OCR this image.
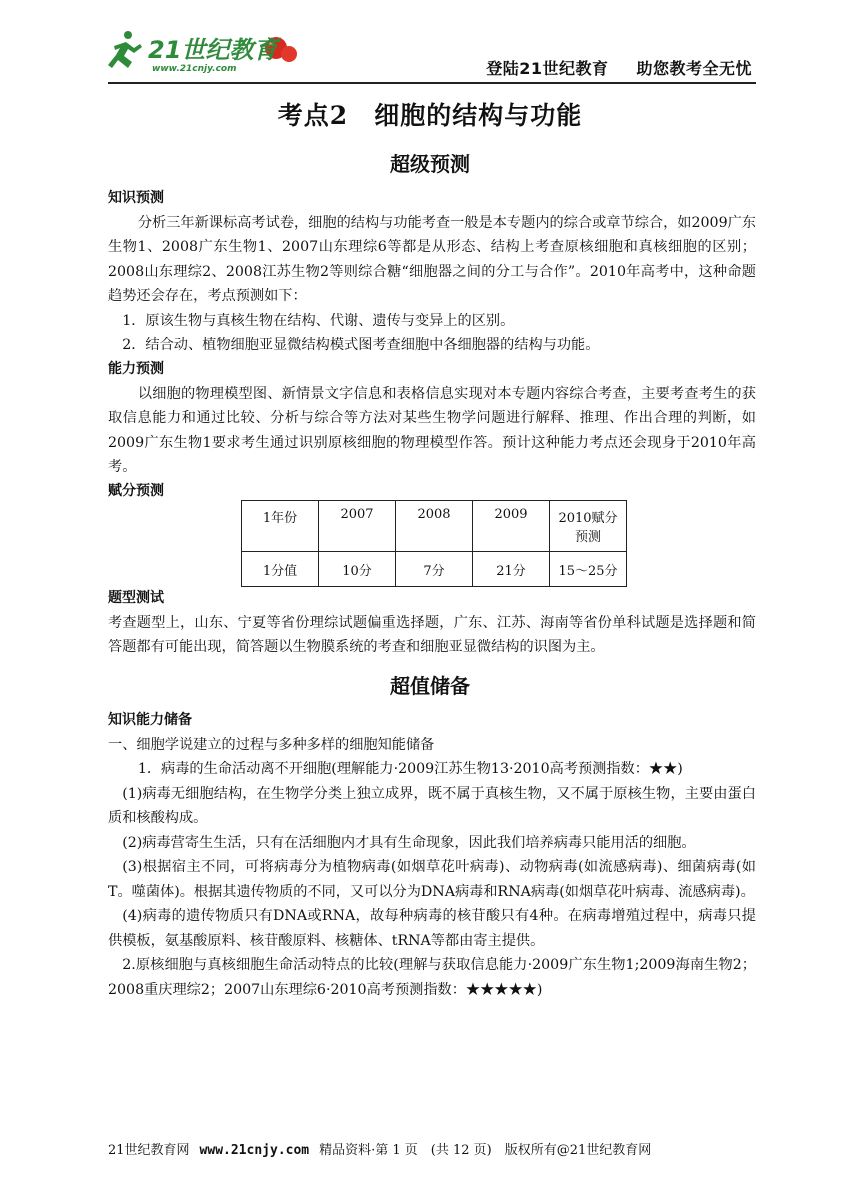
21世纪教育
www.21cnjy.com	登陆21世纪教育 助您教考全无忧
考点2　细胞的结构与功能
超级预测
知识预测

分析三年新课标高考试卷，细胞的结构与功能考查一般是本专题内的综合或章节综合，如2009广东生物1、2008广东生物1、2007山东理综6等都是从形态、结构上考查原核细胞和真核细胞的区别；2008山东理综2、2008江苏生物2等则综合糖“细胞器之间的分工与合作”。2010年高考中，这种命题趋势还会存在，考点预测如下：

1．原该生物与真核生物在结构、代谢、遗传与变异上的区别。

2．结合动、植物细胞亚显微结构模式图考查细胞中各细胞器的结构与功能。

能力预测

以细胞的物理模型图、新情景文字信息和表格信息实现对本专题内容综合考查，主要考查考生的获取信息能力和通过比较、分析与综合等方法对某些生物学问题进行解释、推理、作出合理的判断，如2009广东生物1要求考生通过识别原核细胞的物理模型作答。预计这种能力考点还会现身于2010年高考。

赋分预测
1年份	2007	2008	2009	2010赋分预测
1分值	10分	7分	21分	15～25分
题型测试

考查题型上，山东、宁夏等省份理综试题偏重选择题，广东、江苏、海南等省份单科试题是选择题和简答题都有可能出现，简答题以生物膜系统的考查和细胞亚显微结构的识图为主。

超值储备
知识能力储备

一、细胞学说建立的过程与多种多样的细胞知能储备

1．病毒的生命活动离不开细胞(理解能力·2009江苏生物13·2010高考预测指数：★★)

(1)病毒无细胞结构，在生物学分类上独立成界，既不属于真核生物，又不属于原核生物，主要由蛋白质和核酸构成。

(2)病毒营寄生生活，只有在活细胞内才具有生命现象，因此我们培养病毒只能用活的细胞。

(3)根据宿主不同，可将病毒分为植物病毒(如烟草花叶病毒)、动物病毒(如流感病毒)、细菌病毒(如T。噬菌体)。根据其遗传物质的不同，又可以分为DNA病毒和RNA病毒(如烟草花叶病毒、流感病毒)。

(4)病毒的遗传物质只有DNA或RNA，故每种病毒的核苷酸只有4种。在病毒增殖过程中，病毒只提供模板，氨基酸原料、核苷酸原料、核糖体、tRNA等都由寄主提供。

2.原核细胞与真核细胞生命活动特点的比较(理解与获取信息能力·2009广东生物1;2009海南生物2；2008重庆理综2；2007山东理综6·2010高考预测指数：★★★★★)

21世纪教育网 www.21cnjy.com 精品资料·第 1 页　(共 12 页)　版权所有@21世纪教育网
